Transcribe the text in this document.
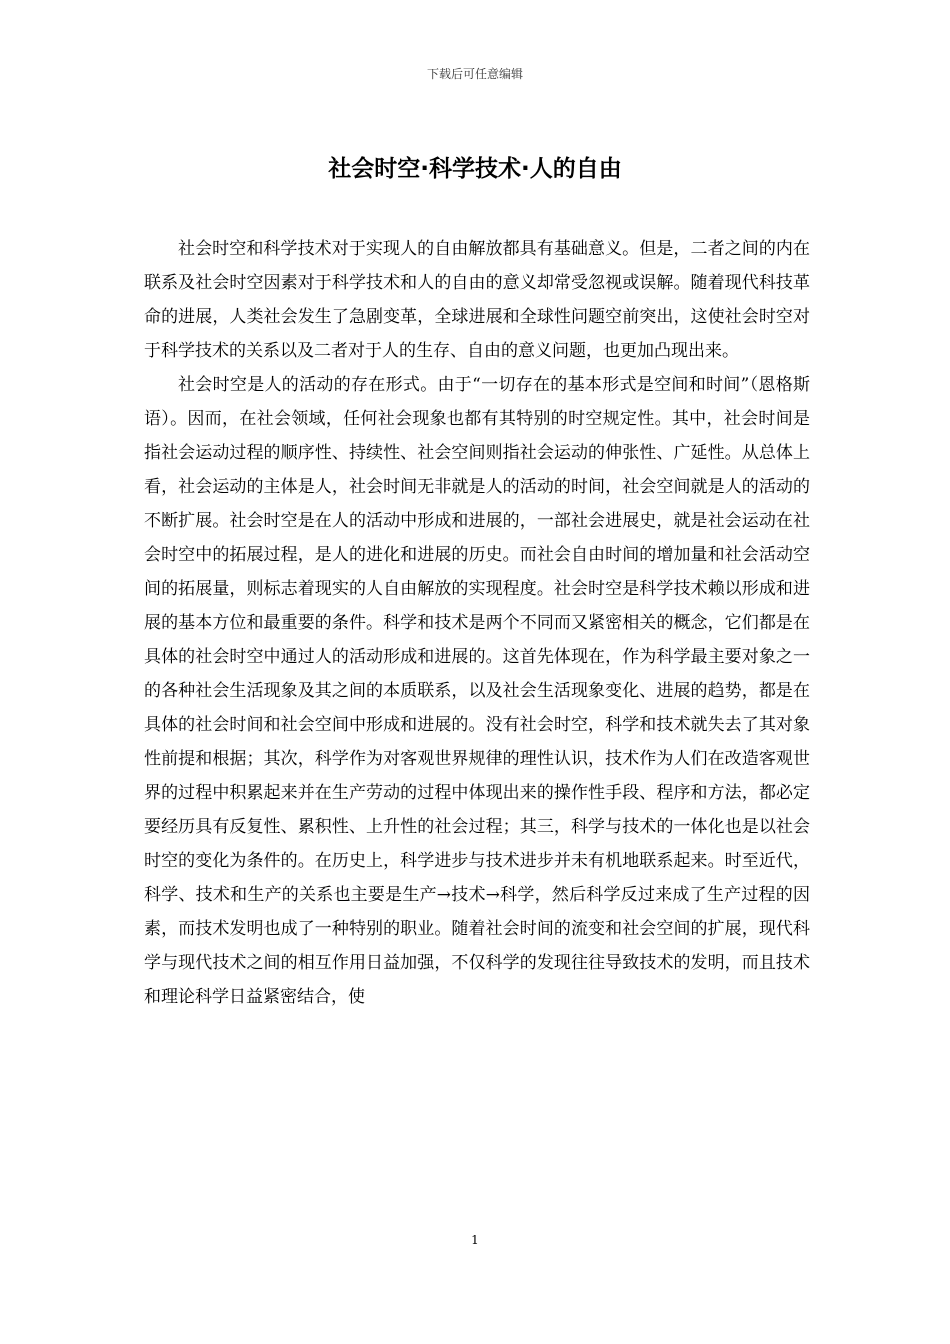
下载后可任意编辑
社会时空·科学技术·人的自由

社会时空和科学技术对于实现人的自由解放都具有基础意义。但是，二者之间的内在联系及社会时空因素对于科学技术和人的自由的意义却常受忽视或误解。随着现代科技革命的进展，人类社会发生了急剧变革，全球进展和全球性问题空前突出，这使社会时空对于科学技术的关系以及二者对于人的生存、自由的意义问题，也更加凸现出来。

社会时空是人的活动的存在形式。由于“一切存在的基本形式是空间和时间”（恩格斯语）。因而，在社会领域，任何社会现象也都有其特别的时空规定性。其中，社会时间是指社会运动过程的顺序性、持续性、社会空间则指社会运动的伸张性、广延性。从总体上看，社会运动的主体是人，社会时间无非就是人的活动的时间，社会空间就是人的活动的不断扩展。社会时空是在人的活动中形成和进展的，一部社会进展史，就是社会运动在社会时空中的拓展过程，是人的进化和进展的历史。而社会自由时间的增加量和社会活动空间的拓展量，则标志着现实的人自由解放的实现程度。社会时空是科学技术赖以形成和进展的基本方位和最重要的条件。科学和技术是两个不同而又紧密相关的概念，它们都是在具体的社会时空中通过人的活动形成和进展的。这首先体现在，作为科学最主要对象之一的各种社会生活现象及其之间的本质联系，以及社会生活现象变化、进展的趋势，都是在具体的社会时间和社会空间中形成和进展的。没有社会时空，科学和技术就失去了其对象性前提和根据；其次，科学作为对客观世界规律的理性认识，技术作为人们在改造客观世界的过程中积累起来并在生产劳动的过程中体现出来的操作性手段、程序和方法，都必定要经历具有反复性、累积性、上升性的社会过程；其三，科学与技术的一体化也是以社会时空的变化为条件的。在历史上，科学进步与技术进步并未有机地联系起来。时至近代，科学、技术和生产的关系也主要是生产→技术→科学，然后科学反过来成了生产过程的因素，而技术发明也成了一种特别的职业。随着社会时间的流变和社会空间的扩展，现代科学与现代技术之间的相互作用日益加强，不仅科学的发现往往导致技术的发明，而且技术和理论科学日益紧密结合，使

1
